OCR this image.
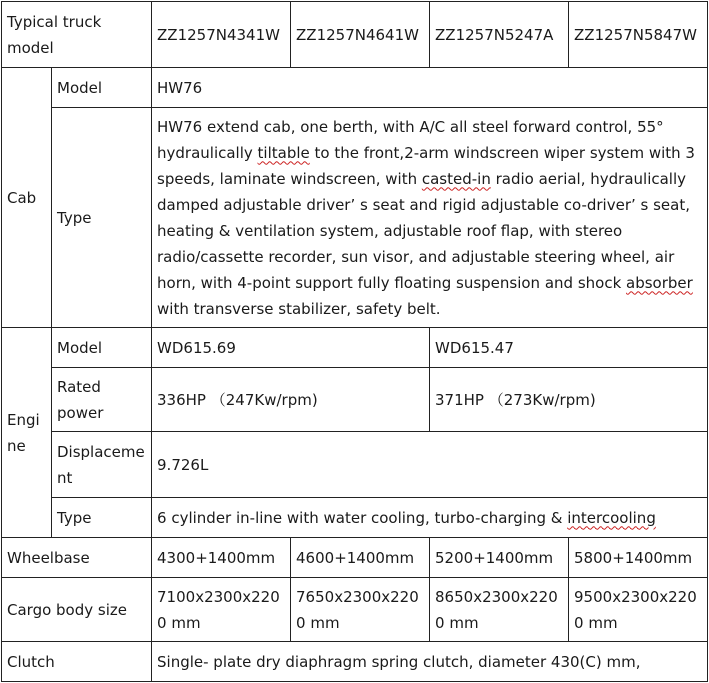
Typical truck model		ZZ1257N4341W	ZZ1257N4641W	ZZ1257N5247A	ZZ1257N5847W
Cab	Model	HW76			
	Type	HW76 extend cab, one berth, with A/C all steel forward control, 55° hydraulically tiltable to the front,2-arm windscreen wiper system with 3 speeds, laminate windscreen, with casted-in radio aerial, hydraulically damped adjustable driver’ s seat and rigid adjustable co-driver’ s seat, heating & ventilation system, adjustable roof flap, with stereo radio/cassette recorder, sun visor, and adjustable steering wheel, air horn, with 4-point support fully floating suspension and shock absorber with transverse stabilizer, safety belt.			
Engine	Model	WD615.69		WD615.47	
	Rated power	336HP （247Kw/rpm)		371HP （273Kw/rpm)	
	Displacement	9.726L			
	Type	6 cylinder in-line with water cooling, turbo-charging & intercooling			
Wheelbase		4300+1400mm	4600+1400mm	5200+1400mm	5800+1400mm
Cargo body size		7100x2300x2200 mm	7650x2300x2200 mm	8650x2300x2200 mm	9500x2300x2200 mm
Clutch		Single- plate dry diaphragm spring clutch, diameter 430(C) mm,			
